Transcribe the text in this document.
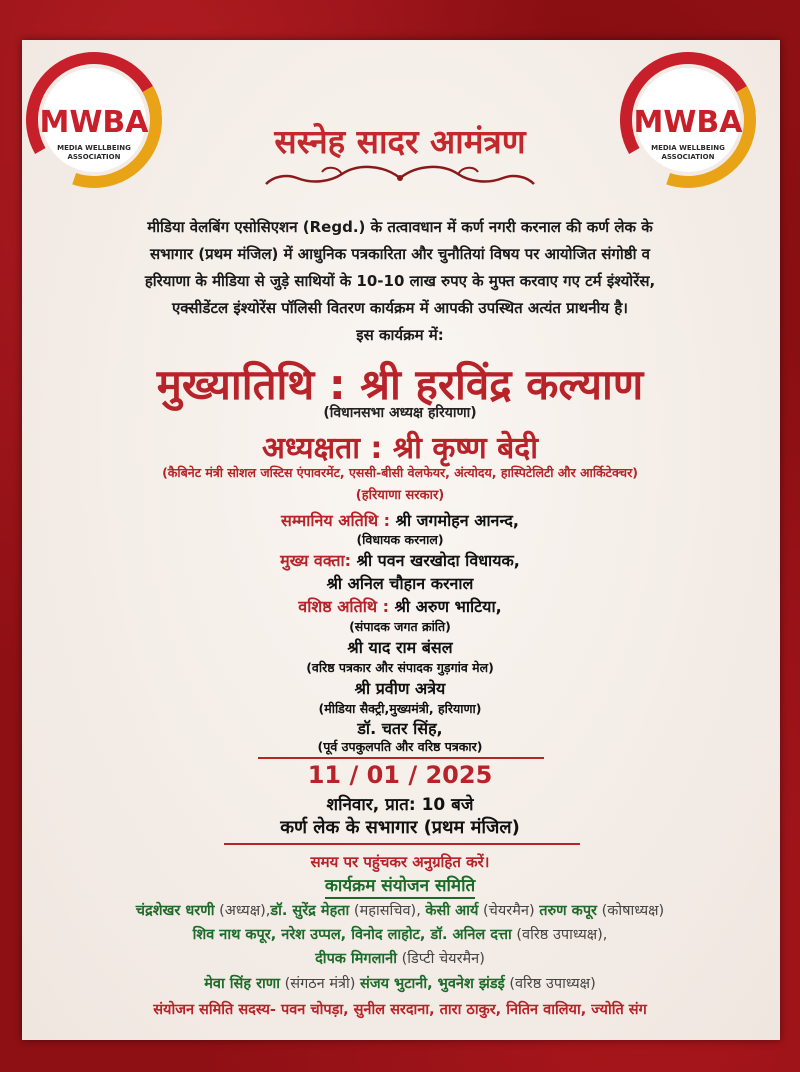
MWBA
MEDIA WELLBEING
ASSOCIATION
MWBA
MEDIA WELLBEING
ASSOCIATION
सस्नेह सादर आमंत्रण
मीडिया वेलबिंग एसोसिएशन (Regd.) के तत्वावधान में कर्ण नगरी करनाल की कर्ण लेक के
सभागार (प्रथम मंजिल) में आधुनिक पत्रकारिता और चुनौतियां विषय पर आयोजित संगोष्ठी व
हरियाणा के मीडिया से जुड़े साथियों के 10-10 लाख रुपए के मुफ्त करवाए गए टर्म इंश्योरेंस,
एक्सीडेंटल इंश्योरेंस पॉलिसी वितरण कार्यक्रम में आपकी उपस्थित अत्यंत प्राथनीय है।
इस कार्यक्रम में:
मुख्यातिथि : श्री हरविंद्र कल्याण
(विधानसभा अध्यक्ष हरियाणा)
अध्यक्षता : श्री कृष्ण बेदी
(कैबिनेट मंत्री सोशल जस्टिस एंपावरमेंट, एससी-बीसी वेलफेयर, अंत्योदय, हास्पिटेलिटी और आर्किटेक्चर)
(हरियाणा सरकार)
सम्मानिय अतिथि : श्री जगमोहन आनन्द,
(विधायक करनाल)
मुख्य वक्ता: श्री पवन खरखोदा विधायक,
श्री अनिल चौहान करनाल
वशिष्ठ अतिथि : श्री अरुण भाटिया,
(संपादक जगत क्रांति)
श्री याद राम बंसल
(वरिष्ठ पत्रकार और संपादक गुड़गांव मेल)
श्री प्रवीण अत्रेय
(मीडिया सैक्ट्री,मुख्यमंत्री, हरियाणा)
डॉ. चतर सिंह,
(पूर्व उपकुलपति और वरिष्ठ पत्रकार)
11 / 01 / 2025
शनिवार, प्रात: 10 बजे
कर्ण लेक के सभागार (प्रथम मंजिल)
समय पर पहुंचकर अनुग्रहित करें।
कार्यक्रम संयोजन समिति
चंद्रशेखर धरणी (अध्यक्ष),डॉ. सुरेंद्र मेहता (महासचिव), केसी आर्य (चेयरमैन) तरुण कपूर (कोषाध्यक्ष)
शिव नाथ कपूर, नरेश उप्पल, विनोद लाहोट, डॉ. अनिल दत्ता (वरिष्ठ उपाध्यक्ष),
दीपक मिगलानी (डिप्टी चेयरमैन)
मेवा सिंह राणा (संगठन मंत्री) संजय भुटानी, भुवनेश झंडई (वरिष्ठ उपाध्यक्ष)
संयोजन समिति सदस्य- पवन चोपड़ा, सुनील सरदाना, तारा ठाकुर, नितिन वालिया, ज्योति संग
